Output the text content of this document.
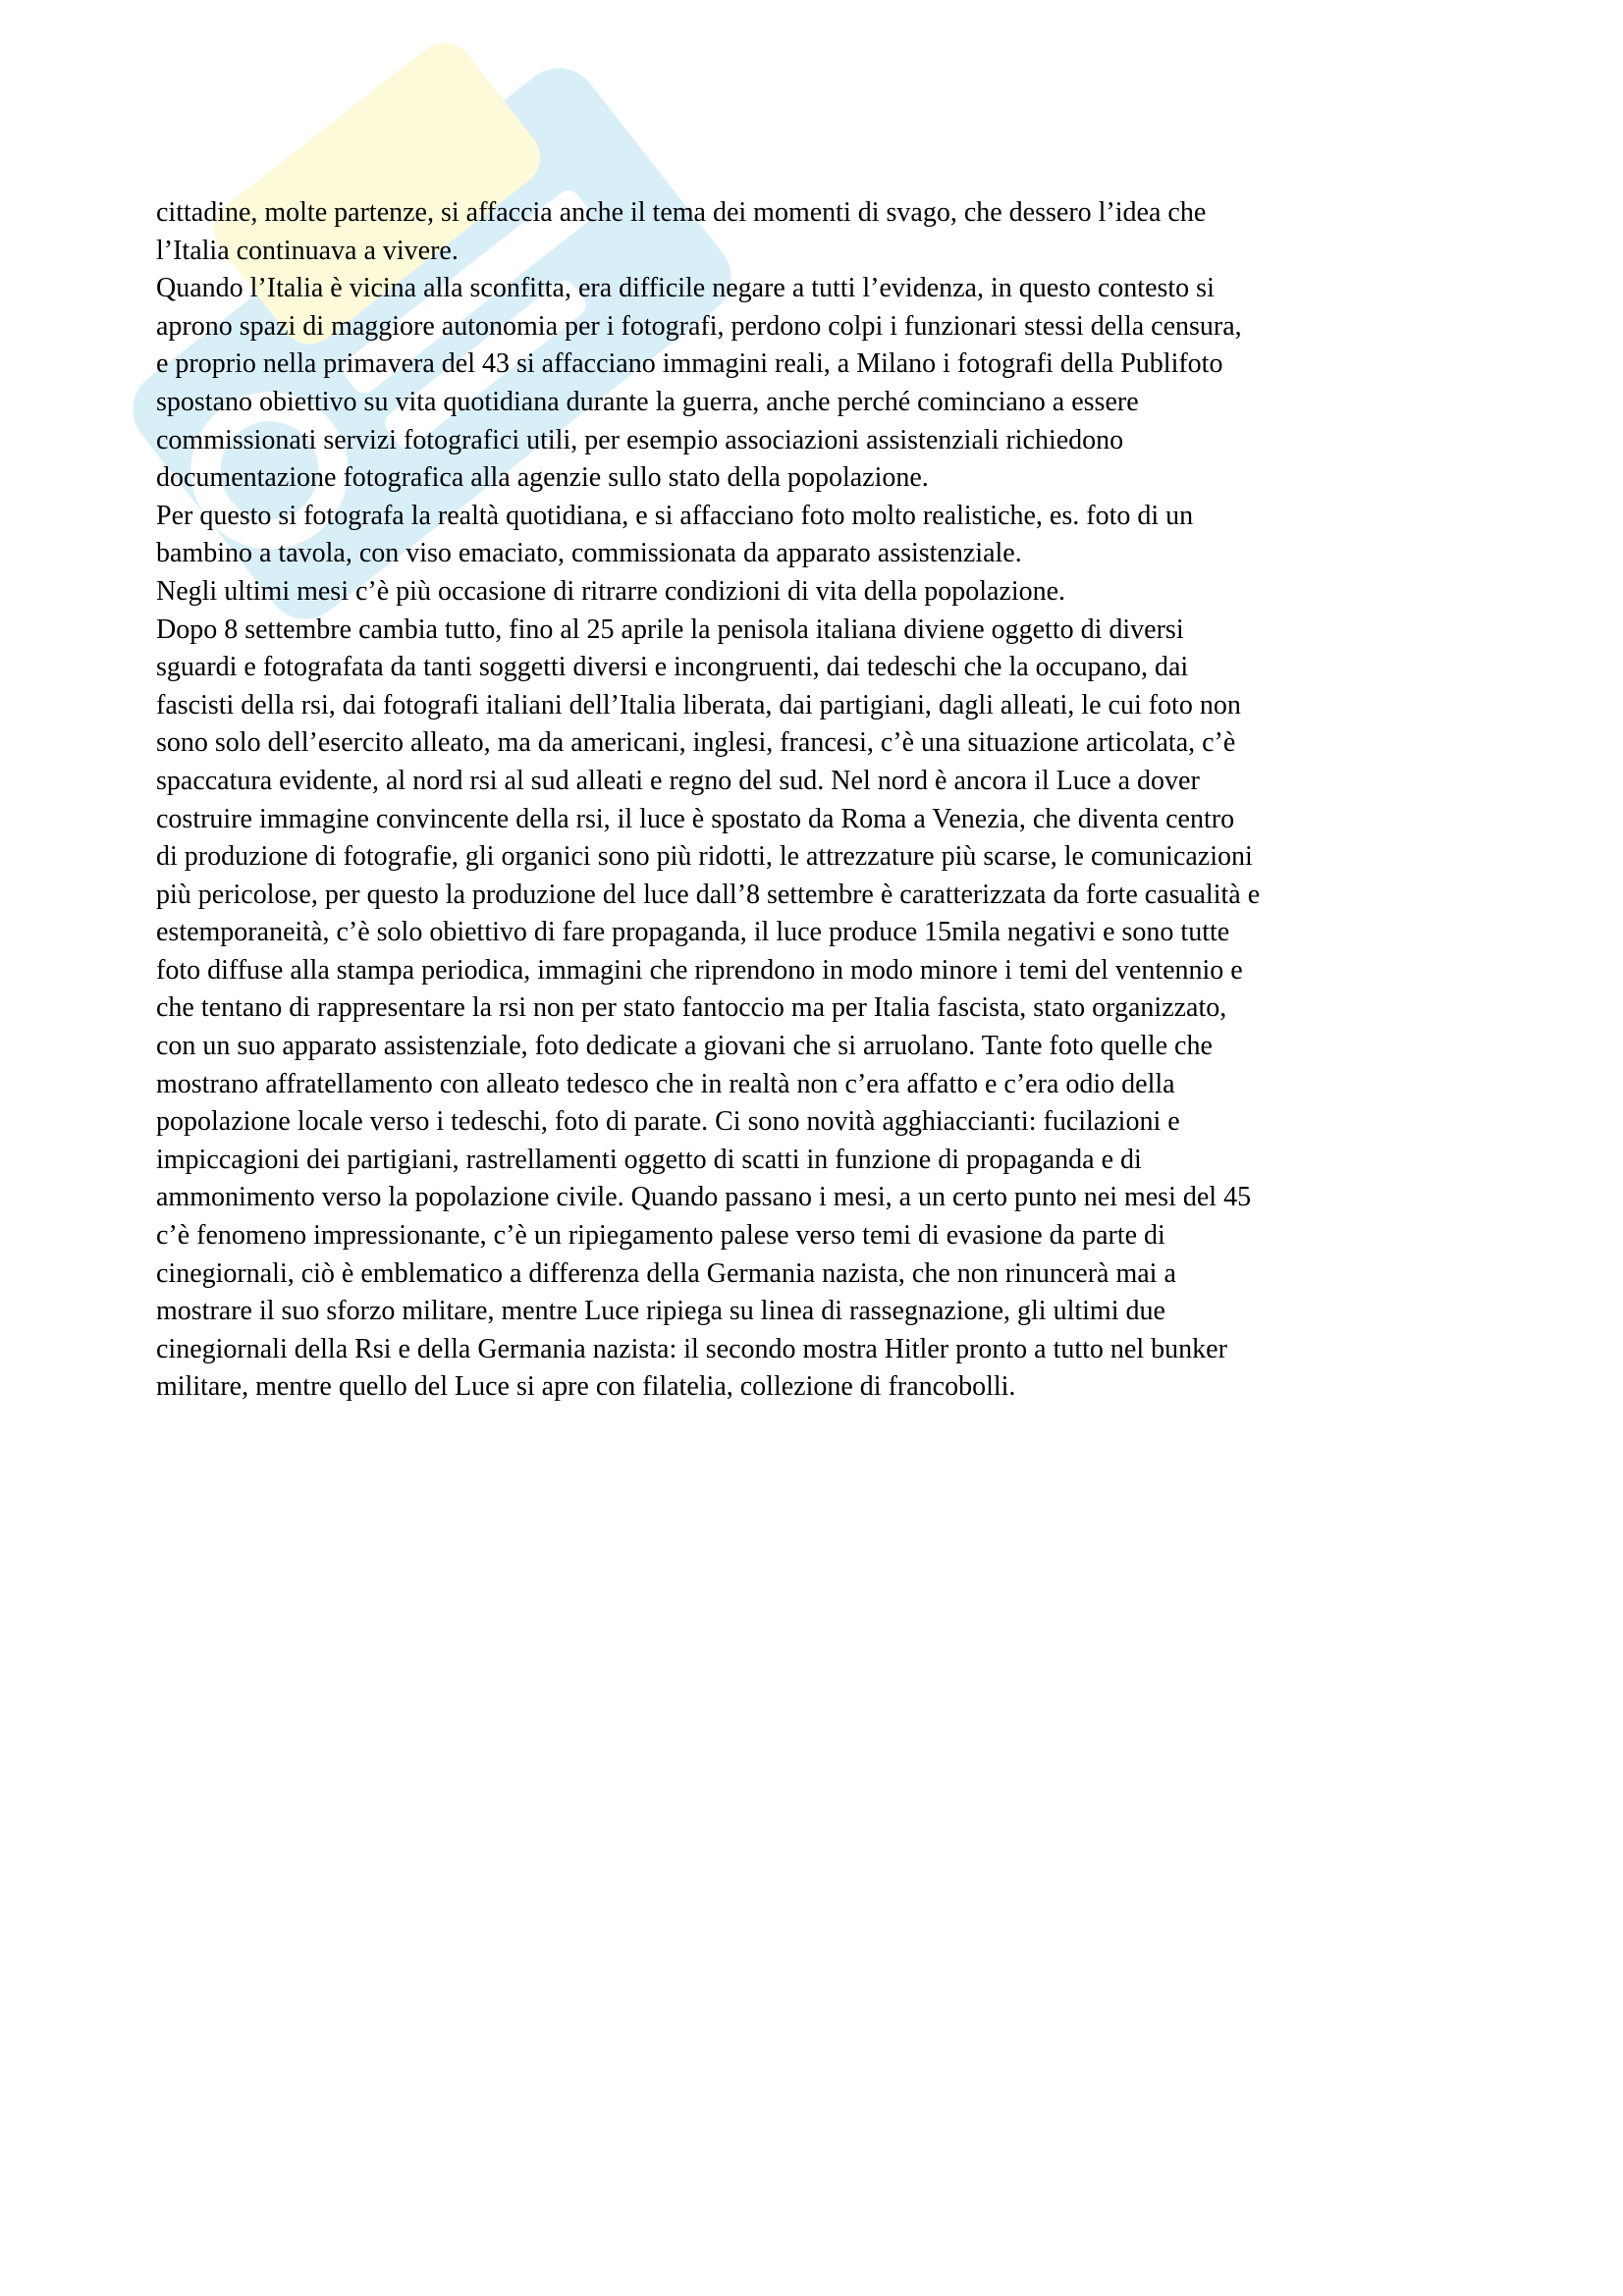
cittadine, molte partenze, si affaccia anche il tema dei momenti di svago, che dessero l’idea che
l’Italia continuava a vivere.
Quando l’Italia è vicina alla sconfitta, era difficile negare a tutti l’evidenza, in questo contesto si
aprono spazi di maggiore autonomia per i fotografi, perdono colpi i funzionari stessi della censura,
e proprio nella primavera del 43 si affacciano immagini reali, a Milano i fotografi della Publifoto
spostano obiettivo su vita quotidiana durante la guerra, anche perché cominciano a essere
commissionati servizi fotografici utili, per esempio associazioni assistenziali richiedono
documentazione fotografica alla agenzie sullo stato della popolazione.
Per questo si fotografa la realtà quotidiana, e si affacciano foto molto realistiche, es. foto di un
bambino a tavola, con viso emaciato, commissionata da apparato assistenziale.
Negli ultimi mesi c’è più occasione di ritrarre condizioni di vita della popolazione.
Dopo 8 settembre cambia tutto, fino al 25 aprile la penisola italiana diviene oggetto di diversi
sguardi e fotografata da tanti soggetti diversi e incongruenti, dai tedeschi che la occupano, dai
fascisti della rsi, dai fotografi italiani dell’Italia liberata, dai partigiani, dagli alleati, le cui foto non
sono solo dell’esercito alleato, ma da americani, inglesi, francesi, c’è una situazione articolata, c’è
spaccatura evidente, al nord rsi al sud alleati e regno del sud. Nel nord è ancora il Luce a dover
costruire immagine convincente della rsi, il luce è spostato da Roma a Venezia, che diventa centro
di produzione di fotografie, gli organici sono più ridotti, le attrezzature più scarse, le comunicazioni
più pericolose, per questo la produzione del luce dall’8 settembre è caratterizzata da forte casualità e
estemporaneità, c’è solo obiettivo di fare propaganda, il luce produce 15mila negativi e sono tutte
foto diffuse alla stampa periodica, immagini che riprendono in modo minore i temi del ventennio e
che tentano di rappresentare la rsi non per stato fantoccio ma per Italia fascista, stato organizzato,
con un suo apparato assistenziale, foto dedicate a giovani che si arruolano. Tante foto quelle che
mostrano affratellamento con alleato tedesco che in realtà non c’era affatto e c’era odio della
popolazione locale verso i tedeschi, foto di parate. Ci sono novità agghiaccianti: fucilazioni e
impiccagioni dei partigiani, rastrellamenti oggetto di scatti in funzione di propaganda e di
ammonimento verso la popolazione civile. Quando passano i mesi, a un certo punto nei mesi del 45
c’è fenomeno impressionante, c’è un ripiegamento palese verso temi di evasione da parte di
cinegiornali, ciò è emblematico a differenza della Germania nazista, che non rinuncerà mai a
mostrare il suo sforzo militare, mentre Luce ripiega su linea di rassegnazione, gli ultimi due
cinegiornali della Rsi e della Germania nazista: il secondo mostra Hitler pronto a tutto nel bunker
militare, mentre quello del Luce si apre con filatelia, collezione di francobolli.
